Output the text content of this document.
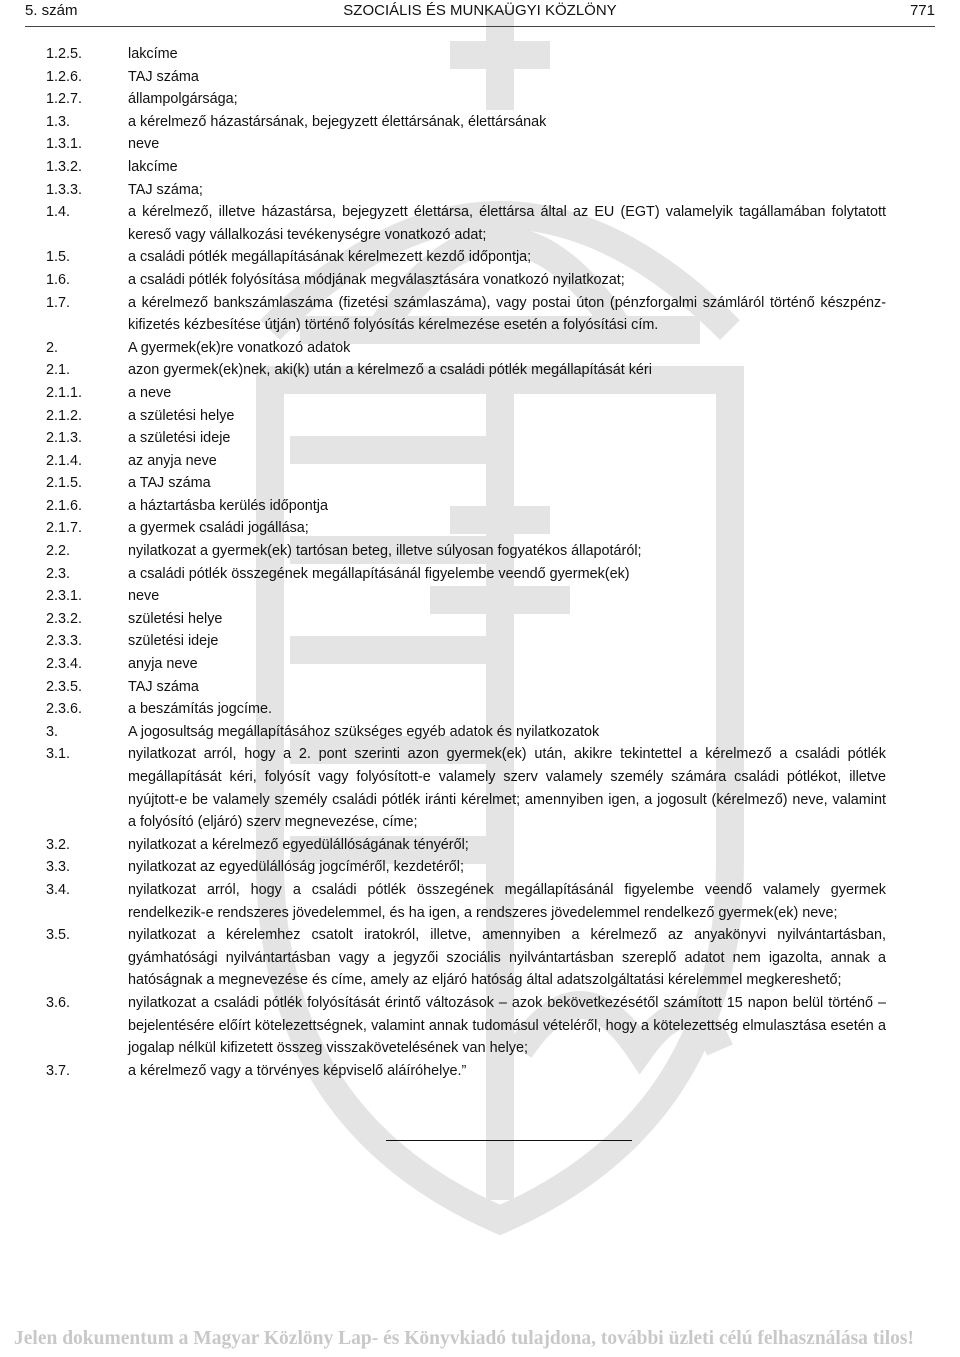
5. szám	SZOCIÁLIS ÉS MUNKAÜGYI KÖZLÖNY	771
1.2.5.	lakcíme
1.2.6.	TAJ száma
1.2.7.	állampolgársága;
1.3.	a kérelmező házastársának, bejegyzett élettársának, élettársának
1.3.1.	neve
1.3.2.	lakcíme
1.3.3.	TAJ száma;
1.4.	a kérelmező, illetve házastársa, bejegyzett élettársa, élettársa által az EU (EGT) valamelyik tagállamában folytatott kereső vagy vállalkozási tevékenységre vonatkozó adat;
1.5.	a családi pótlék megállapításának kérelmezett kezdő időpontja;
1.6.	a családi pótlék folyósítása módjának megválasztására vonatkozó nyilatkozat;
1.7.	a kérelmező bankszámlaszáma (fizetési számlaszáma), vagy postai úton (pénzforgalmi számláról történő készpénz-kifizetés kézbesítése útján) történő folyósítás kérelmezése esetén a folyósítási cím.
2.	A gyermek(ek)re vonatkozó adatok
2.1.	azon gyermek(ek)nek, aki(k) után a kérelmező a családi pótlék megállapítását kéri
2.1.1.	a neve
2.1.2.	a születési helye
2.1.3.	a születési ideje
2.1.4.	az anyja neve
2.1.5.	a TAJ száma
2.1.6.	a háztartásba kerülés időpontja
2.1.7.	a gyermek családi jogállása;
2.2.	nyilatkozat a gyermek(ek) tartósan beteg, illetve súlyosan fogyatékos állapotáról;
2.3.	a családi pótlék összegének megállapításánál figyelembe veendő gyermek(ek)
2.3.1.	neve
2.3.2.	születési helye
2.3.3.	születési ideje
2.3.4.	anyja neve
2.3.5.	TAJ száma
2.3.6.	a beszámítás jogcíme.
3.	A jogosultság megállapításához szükséges egyéb adatok és nyilatkozatok
3.1.	nyilatkozat arról, hogy a 2. pont szerinti azon gyermek(ek) után, akikre tekintettel a kérelmező a családi pótlék megállapítását kéri, folyósít vagy folyósított-e valamely szerv valamely személy számára családi pótlékot, illetve nyújtott-e be valamely személy családi pótlék iránti kérelmet; amennyiben igen, a jogosult (kérelmező) neve, valamint a folyósító (eljáró) szerv megnevezése, címe;
3.2.	nyilatkozat a kérelmező egyedülállóságának tényéről;
3.3.	nyilatkozat az egyedülállóság jogcíméről, kezdetéről;
3.4.	nyilatkozat arról, hogy a családi pótlék összegének megállapításánál figyelembe veendő valamely gyermek rendelkezik-e rendszeres jövedelemmel, és ha igen, a rendszeres jövedelemmel rendelkező gyermek(ek) neve;
3.5.	nyilatkozat a kérelemhez csatolt iratokról, illetve, amennyiben a kérelmező az anyakönyvi nyilvántartásban, gyámhatósági nyilvántartásban vagy a jegyzői szociális nyilvántartásban szereplő adatot nem igazolta, annak a hatóságnak a megnevezése és címe, amely az eljáró hatóság által adatszolgáltatási kérelemmel megkereshető;
3.6.	nyilatkozat a családi pótlék folyósítását érintő változások – azok bekövetkezésétől számított 15 napon belül történő – bejelentésére előírt kötelezettségnek, valamint annak tudomásul vételéről, hogy a kötelezettség elmulasztása esetén a jogalap nélkül kifizetett összeg visszakövetelésének van helye;
3.7.	a kérelmező vagy a törvényes képviselő aláíróhelye.”
Jelen dokumentum a Magyar Közlöny Lap- és Könyvkiadó tulajdona, további üzleti célú felhasználása tilos!
